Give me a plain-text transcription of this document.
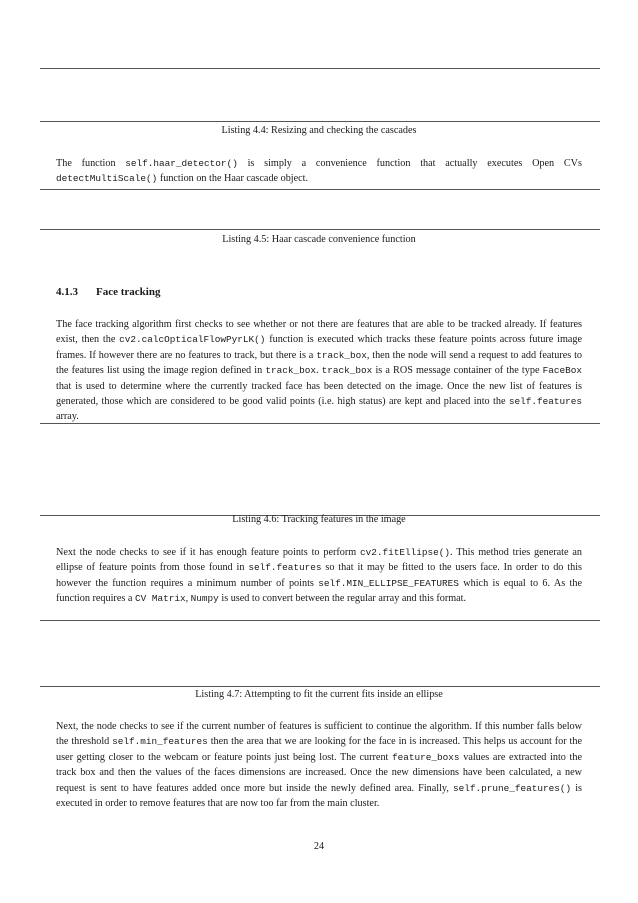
Listing 4.4: Resizing and checking the cascades
The function self.haar_detector() is simply a convenience function that actually executes Open CVs detectMultiScale() function on the Haar cascade object.

Listing 4.5: Haar cascade convenience function
4.1.3 Face tracking
The face tracking algorithm first checks to see whether or not there are features that are able to be tracked already. If features exist, then the cv2.calcOpticalFlowPyrLK() function is executed which tracks these feature points across future image frames. If however there are no features to track, but there is a track_box, then the node will send a request to add features to the features list using the image region defined in track_box. track_box is a ROS message container of the type FaceBox that is used to determine where the currently tracked face has been detected on the image. Once the new list of features is generated, those which are considered to be good valid points (i.e. high status) are kept and placed into the self.features array.

Listing 4.6: Tracking features in the image
Next the node checks to see if it has enough feature points to perform cv2.fitEllipse(). This method tries generate an ellipse of feature points from those found in self.features so that it may be fitted to the users face. In order to do this however the function requires a minimum number of points self.MIN_ELLIPSE_FEATURES which is equal to 6. As the function requires a CV Matrix, Numpy is used to convert between the regular array and this format.

Listing 4.7: Attempting to fit the current fits inside an ellipse
Next, the node checks to see if the current number of features is sufficient to continue the algorithm. If this number falls below the threshold self.min_features then the area that we are looking for the face in is increased. This helps us account for the user getting closer to the webcam or feature points just being lost. The current feature_boxs values are extracted into the track box and then the values of the faces dimensions are increased. Once the new dimensions have been calculated, a new request is sent to have features added once more but inside the newly defined area. Finally, self.prune_features() is executed in order to remove features that are now too far from the main cluster.
24
